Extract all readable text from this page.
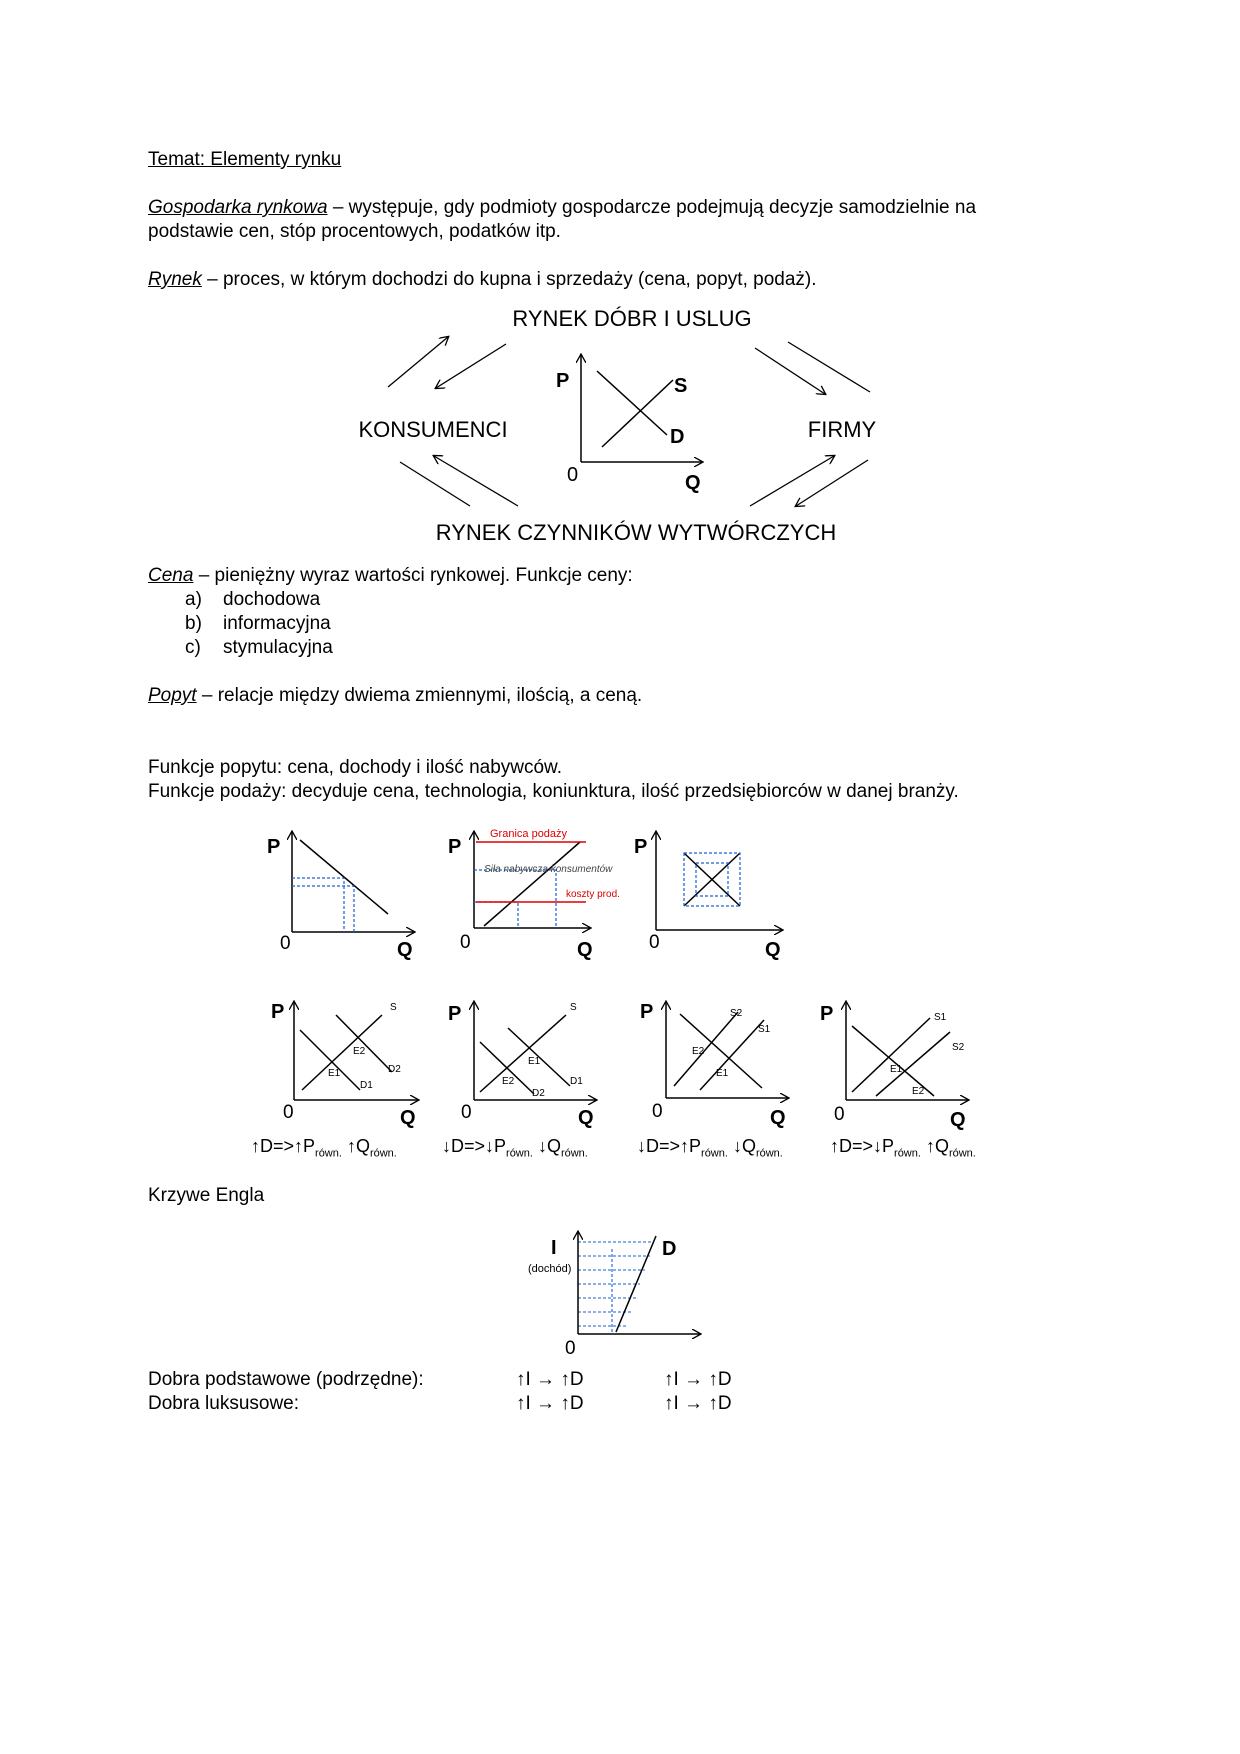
Temat: Elementy rynku
Gospodarka rynkowa – występuje, gdy podmioty gospodarcze podejmują decyzje samodzielnie na
podstawie cen, stóp procentowych, podatków itp.
Rynek – proces, w którym dochodzi do kupna i sprzedaży (cena, popyt, podaż).
RYNEK DÓBR I USLUG
KONSUMENCI	FIRMY
RYNEK CZYNNIKÓW WYTWÓRCZYCH
P	S
D
0	Q
Cena – pieniężny wyraz wartości rynkowej. Funkcje ceny:
a) dochodowa
b) informacyjna
c) stymulacyjna
Popyt – relacje między dwiema zmiennymi, ilością, a ceną.
Funkcje popytu: cena, dochody i ilość nabywców.
Funkcje podaży: decyduje cena, technologia, koniunktura, ilość przedsiębiorców w danej branży.
Granica podaży
Siła nabywcza konsumentów
koszty prod.
P	P	P
Q	Q	Q
0	0	0
S
E2
E1	D2
D1
S
E1
E2	D1
D2
S2
S1
E2
E1
S1
S2
E1
E2
P	P	P	P
Q	Q	Q	Q
0	0	0	0
$↑D=>↑P_{równ.}$ $↑Q_{równ.}$	$↓D=>↓P_{równ.}$ $↓Q_{równ.}$	$↓D=>↑P_{równ.}$ $↓Q_{równ.}$	$↑D=>↓P_{równ.}$ $↑Q_{równ.}$
Krzywe Engla
I
(dochód)
D
0
Dobra podstawowe (podrzędne):	↑I → ↑D	↑I → ↑D
Dobra luksusowe:	↑I → ↑D	↑I → ↑D
